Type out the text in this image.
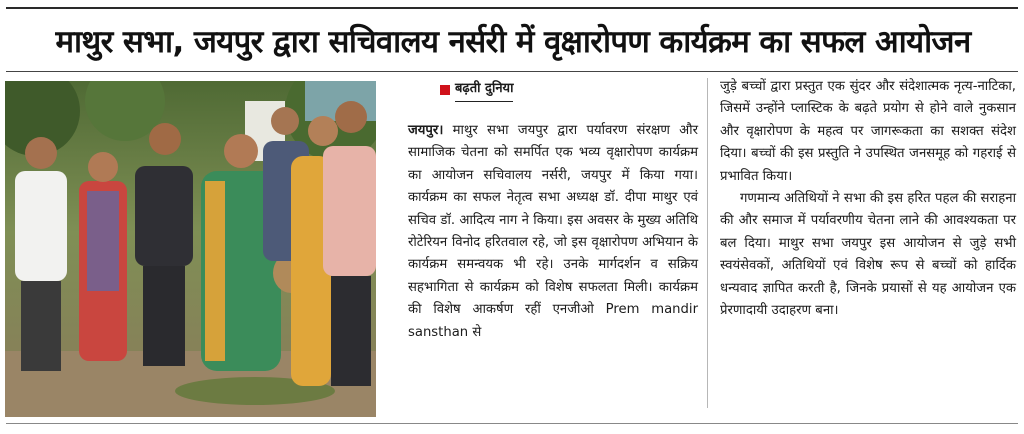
माथुर सभा, जयपुर द्वारा सचिवालय नर्सरी में वृक्षारोपण कार्यक्रम का सफल आयोजन
बढ़ती दुनिया

जयपुर। माथुर सभा जयपुर द्वारा पर्यावरण संरक्षण और सामाजिक चेतना को समर्पित एक भव्य वृक्षारोपण कार्यक्रम का आयोजन सचिवालय नर्सरी, जयपुर में किया गया। कार्यक्रम का सफल नेतृत्व सभा अध्यक्ष डॉ. दीपा माथुर एवं सचिव डॉ. आदित्य नाग ने किया। इस अवसर के मुख्य अतिथि रोटेरियन विनोद हरितवाल रहे, जो इस वृक्षारोपण अभियान के कार्यक्रम समन्वयक भी रहे। उनके मार्गदर्शन व सक्रिय सहभागिता से कार्यक्रम को विशेष सफलता मिली। कार्यक्रम की विशेष आकर्षण रहीं एनजीओ Prem mandir sansthan से

जुड़े बच्चों द्वारा प्रस्तुत एक सुंदर और संदेशात्मक नृत्य-नाटिका, जिसमें उन्होंने प्लास्टिक के बढ़ते प्रयोग से होने वाले नुकसान और वृक्षारोपण के महत्व पर जागरूकता का सशक्त संदेश दिया। बच्चों की इस प्रस्तुति ने उपस्थित जनसमूह को गहराई से प्रभावित किया।

गणमान्य अतिथियों ने सभा की इस हरित पहल की सराहना की और समाज में पर्यावरणीय चेतना लाने की आवश्यकता पर बल दिया। माथुर सभा जयपुर इस आयोजन से जुड़े सभी स्वयंसेवकों, अतिथियों एवं विशेष रूप से बच्चों को हार्दिक धन्यवाद ज्ञापित करती है, जिनके प्रयासों से यह आयोजन एक प्रेरणादायी उदाहरण बना।
